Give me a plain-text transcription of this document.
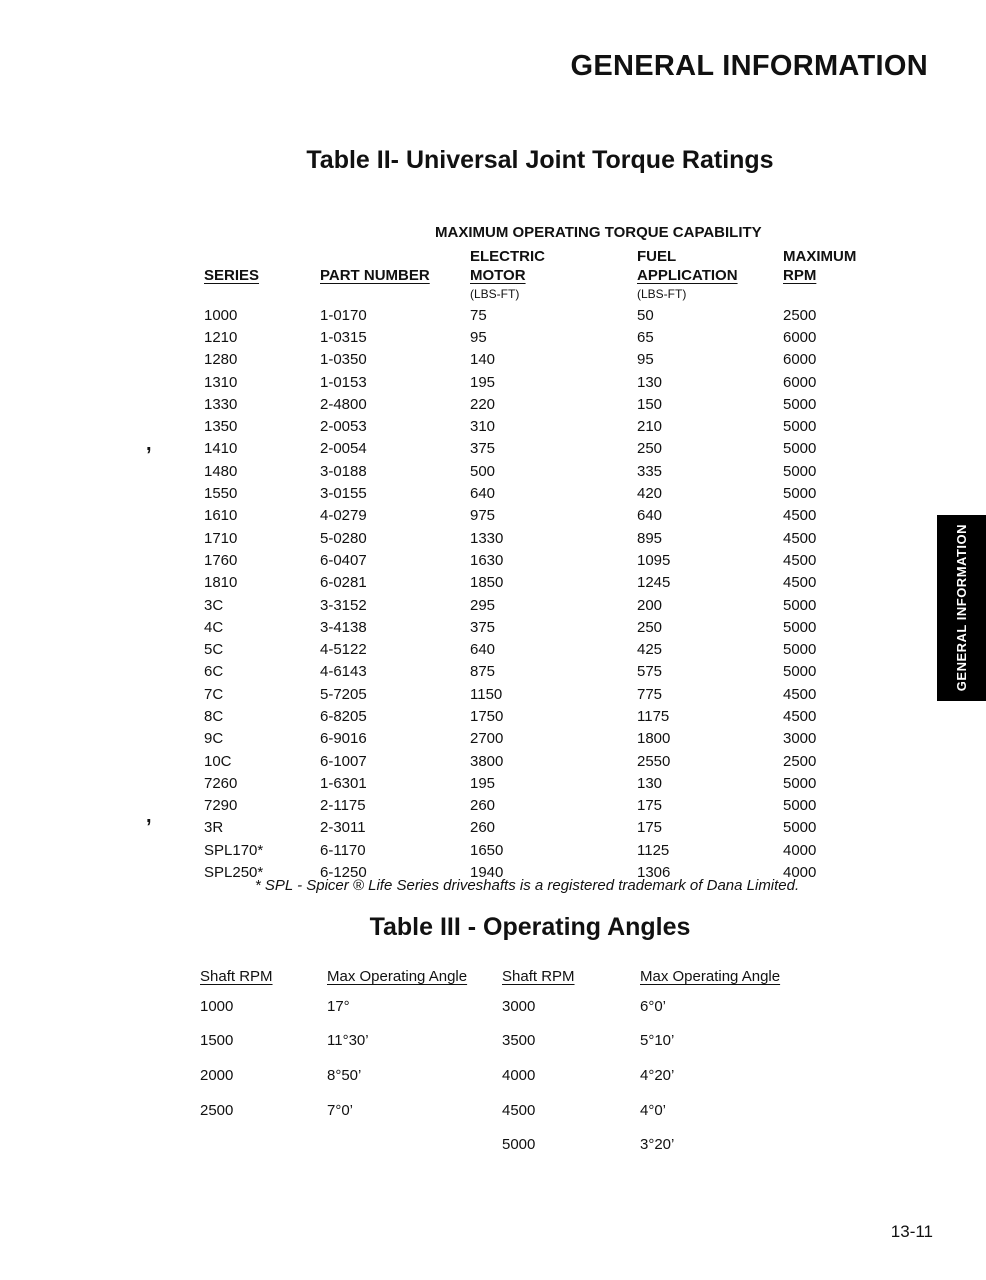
GENERAL INFORMATION
Table II- Universal Joint Torque Ratings
MAXIMUM OPERATING TORQUE CAPABILITY
		ELECTRIC	FUEL	MAXIMUM
SERIES	PART NUMBER	MOTOR	APPLICATION	RPM
		(LBS-FT)	(LBS-FT)	
1000	1-0170	75	50	2500
1210	1-0315	95	65	6000
1280	1-0350	140	95	6000
1310	1-0153	195	130	6000
1330	2-4800	220	150	5000
1350	2-0053	310	210	5000
1410	2-0054	375	250	5000
1480	3-0188	500	335	5000
1550	3-0155	640	420	5000
1610	4-0279	975	640	4500
1710	5-0280	1330	895	4500
1760	6-0407	1630	1095	4500
1810	6-0281	1850	1245	4500
3C	3-3152	295	200	5000
4C	3-4138	375	250	5000
5C	4-5122	640	425	5000
6C	4-6143	875	575	5000
7C	5-7205	1150	775	4500
8C	6-8205	1750	1175	4500
9C	6-9016	2700	1800	3000
10C	6-1007	3800	2550	2500
7260	1-6301	195	130	5000
7290	2-1175	260	175	5000
3R	2-3011	260	175	5000
SPL170*	6-1170	1650	1125	4000
SPL250*	6-1250	1940	1306	4000
* SPL - Spicer ® Life Series driveshafts is a registered trademark of Dana Limited.
Table III - Operating Angles
Shaft RPM	Max Operating Angle	Shaft RPM	Max Operating Angle
1000	17°	3000	6°0’
1500	11°30’	3500	5°10’
2000	8°50’	4000	4°20’
2500	7°0’	4500	4°0’
		5000	3°20’
GENERAL INFORMATION
13-11
,
,
